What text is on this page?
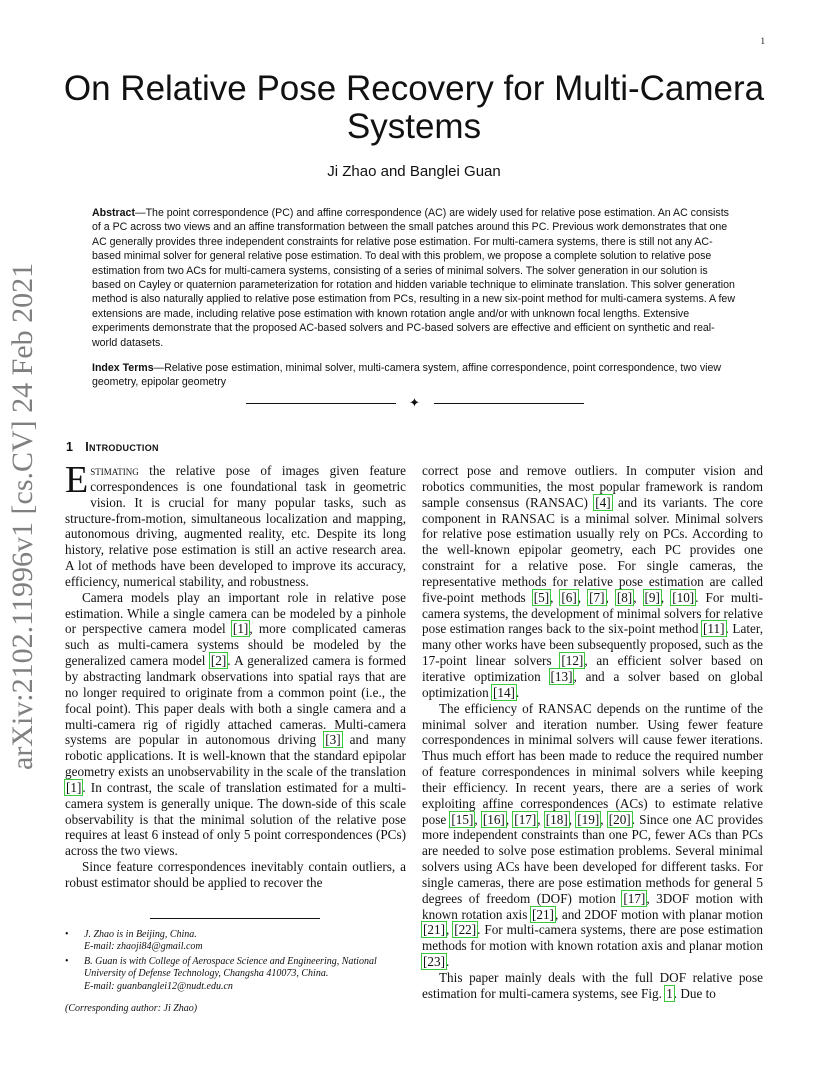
1
arXiv:2102.11996v1 [cs.CV] 24 Feb 2021
On Relative Pose Recovery for Multi-Camera
Systems
Ji Zhao and Banglei Guan

Abstract—The point correspondence (PC) and affine correspondence (AC) are widely used for relative pose estimation. An AC consists of a PC across two views and an affine transformation between the small patches around this PC. Previous work demonstrates that one AC generally provides three independent constraints for relative pose estimation. For multi-camera systems, there is still not any AC-based minimal solver for general relative pose estimation. To deal with this problem, we propose a complete solution to relative pose estimation from two ACs for multi-camera systems, consisting of a series of minimal solvers. The solver generation in our solution is based on Cayley or quaternion parameterization for rotation and hidden variable technique to eliminate translation. This solver generation method is also naturally applied to relative pose estimation from PCs, resulting in a new six-point method for multi-camera systems. A few extensions are made, including relative pose estimation with known rotation angle and/or with unknown focal lengths. Extensive experiments demonstrate that the proposed AC-based solvers and PC-based solvers are effective and efficient on synthetic and real-world datasets.

Index Terms—Relative pose estimation, minimal solver, multi-camera system, affine correspondence, point correspondence, two view geometry, epipolar geometry

✦
1 Introduction

Estimating the relative pose of images given feature correspondences is one foundational task in geometric vision. It is crucial for many popular tasks, such as structure-from-motion, simultaneous localization and mapping, autonomous driving, augmented reality, etc. Despite its long history, relative pose estimation is still an active research area. A lot of methods have been developed to improve its accuracy, efficiency, numerical stability, and robustness.

Camera models play an important role in relative pose estimation. While a single camera can be modeled by a pinhole or perspective camera model [1], more complicated cameras such as multi-camera systems should be modeled by the generalized camera model [2]. A generalized camera is formed by abstracting landmark observations into spatial rays that are no longer required to originate from a common point (i.e., the focal point). This paper deals with both a single camera and a multi-camera rig of rigidly attached cameras. Multi-camera systems are popular in autonomous driving [3] and many robotic applications. It is well-known that the standard epipolar geometry exists an unobservability in the scale of the translation [1]. In contrast, the scale of translation estimated for a multi-camera system is generally unique. The down-side of this scale observability is that the minimal solution of the relative pose requires at least 6 instead of only 5 point correspondences (PCs) across the two views.

Since feature correspondences inevitably contain outliers, a robust estimator should be applied to recover the

correct pose and remove outliers. In computer vision and robotics communities, the most popular framework is random sample consensus (RANSAC) [4] and its variants. The core component in RANSAC is a minimal solver. Minimal solvers for relative pose estimation usually rely on PCs. According to the well-known epipolar geometry, each PC provides one constraint for a relative pose. For single cameras, the representative methods for relative pose estimation are called five-point methods [5], [6], [7], [8], [9], [10]. For multi-camera systems, the development of minimal solvers for relative pose estimation ranges back to the six-point method [11]. Later, many other works have been subsequently proposed, such as the 17-point linear solvers [12], an efficient solver based on iterative optimization [13], and a solver based on global optimization [14].

The efficiency of RANSAC depends on the runtime of the minimal solver and iteration number. Using fewer feature correspondences in minimal solvers will cause fewer iterations. Thus much effort has been made to reduce the required number of feature correspondences in minimal solvers while keeping their efficiency. In recent years, there are a series of work exploiting affine correspondences (ACs) to estimate relative pose [15], [16], [17], [18], [19], [20]. Since one AC provides more independent constraints than one PC, fewer ACs than PCs are needed to solve pose estimation problems. Several minimal solvers using ACs have been developed for different tasks. For single cameras, there are pose estimation methods for general 5 degrees of freedom (DOF) motion [17], 3DOF motion with known rotation axis [21], and 2DOF motion with planar motion [21], [22]. For multi-camera systems, there are pose estimation methods for motion with known rotation axis and planar motion [23].

This paper mainly deals with the full DOF relative pose estimation for multi-camera systems, see Fig. 1. Due to

• J. Zhao is in Beijing, China.
E-mail: zhaoji84@gmail.com
• B. Guan is with College of Aerospace Science and Engineering, National University of Defense Technology, Changsha 410073, China.
E-mail: guanbanglei12@nudt.edu.cn
(Corresponding author: Ji Zhao)
